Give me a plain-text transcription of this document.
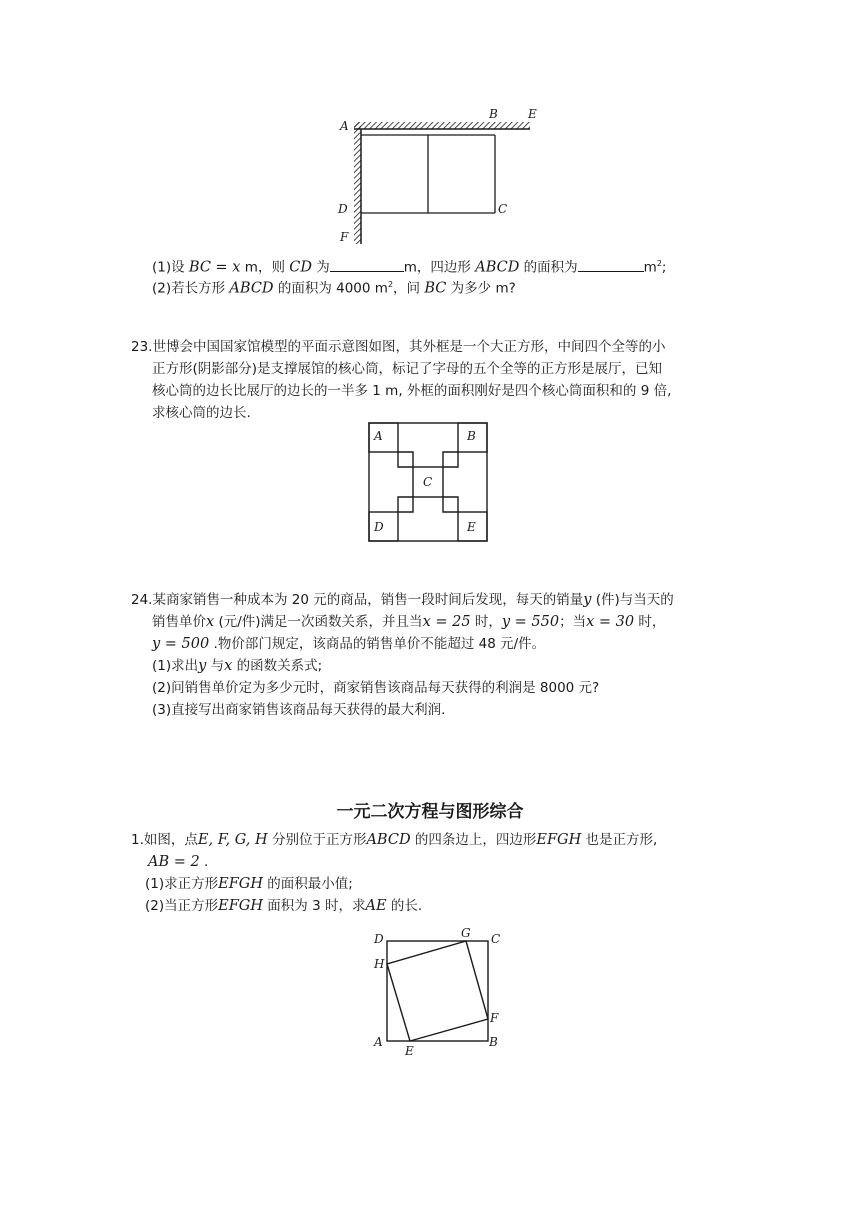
A
B	E
C
D
F
(1)设 BC = x m，则 CD 为	m，四边形 ABCD 的面积为	$m^2$;
(2)若长方形 ABCD 的面积为 4000 $m^2$，问 BC 为多少 m?
23.世博会中国国家馆模型的平面示意图如图，其外框是一个大正方形，中间四个全等的小
正方形(阴影部分)是支撑展馆的核心筒，标记了字母的五个全等的正方形是展厅，已知
核心筒的边长比展厅的边长的一半多 1 m, 外框的面积刚好是四个核心筒面积和的 9 倍,
求核心筒的边长.
A	B
C
D	E
24.某商家销售一种成本为 20 元的商品，销售一段时间后发现，每天的销量y (件)与当天的
销售单价x (元/件)满足一次函数关系，并且当x = 25 时，y = 550；当x = 30 时，
y = 500 .物价部门规定，该商品的销售单价不能超过 48 元/件。
(1)求出y 与x 的函数关系式;
(2)问销售单价定为多少元时，商家销售该商品每天获得的利润是 8000 元?
(3)直接写出商家销售该商品每天获得的最大利润.
一元二次方程与图形综合
1.如图，点E, F, G, H 分别位于正方形ABCD 的四条边上，四边形EFGH 也是正方形,
AB = 2 .
(1)求正方形EFGH 的面积最小值;
(2)当正方形EFGH 面积为 3 时，求AE 的长.
D	G C
H
F
A
E
B
